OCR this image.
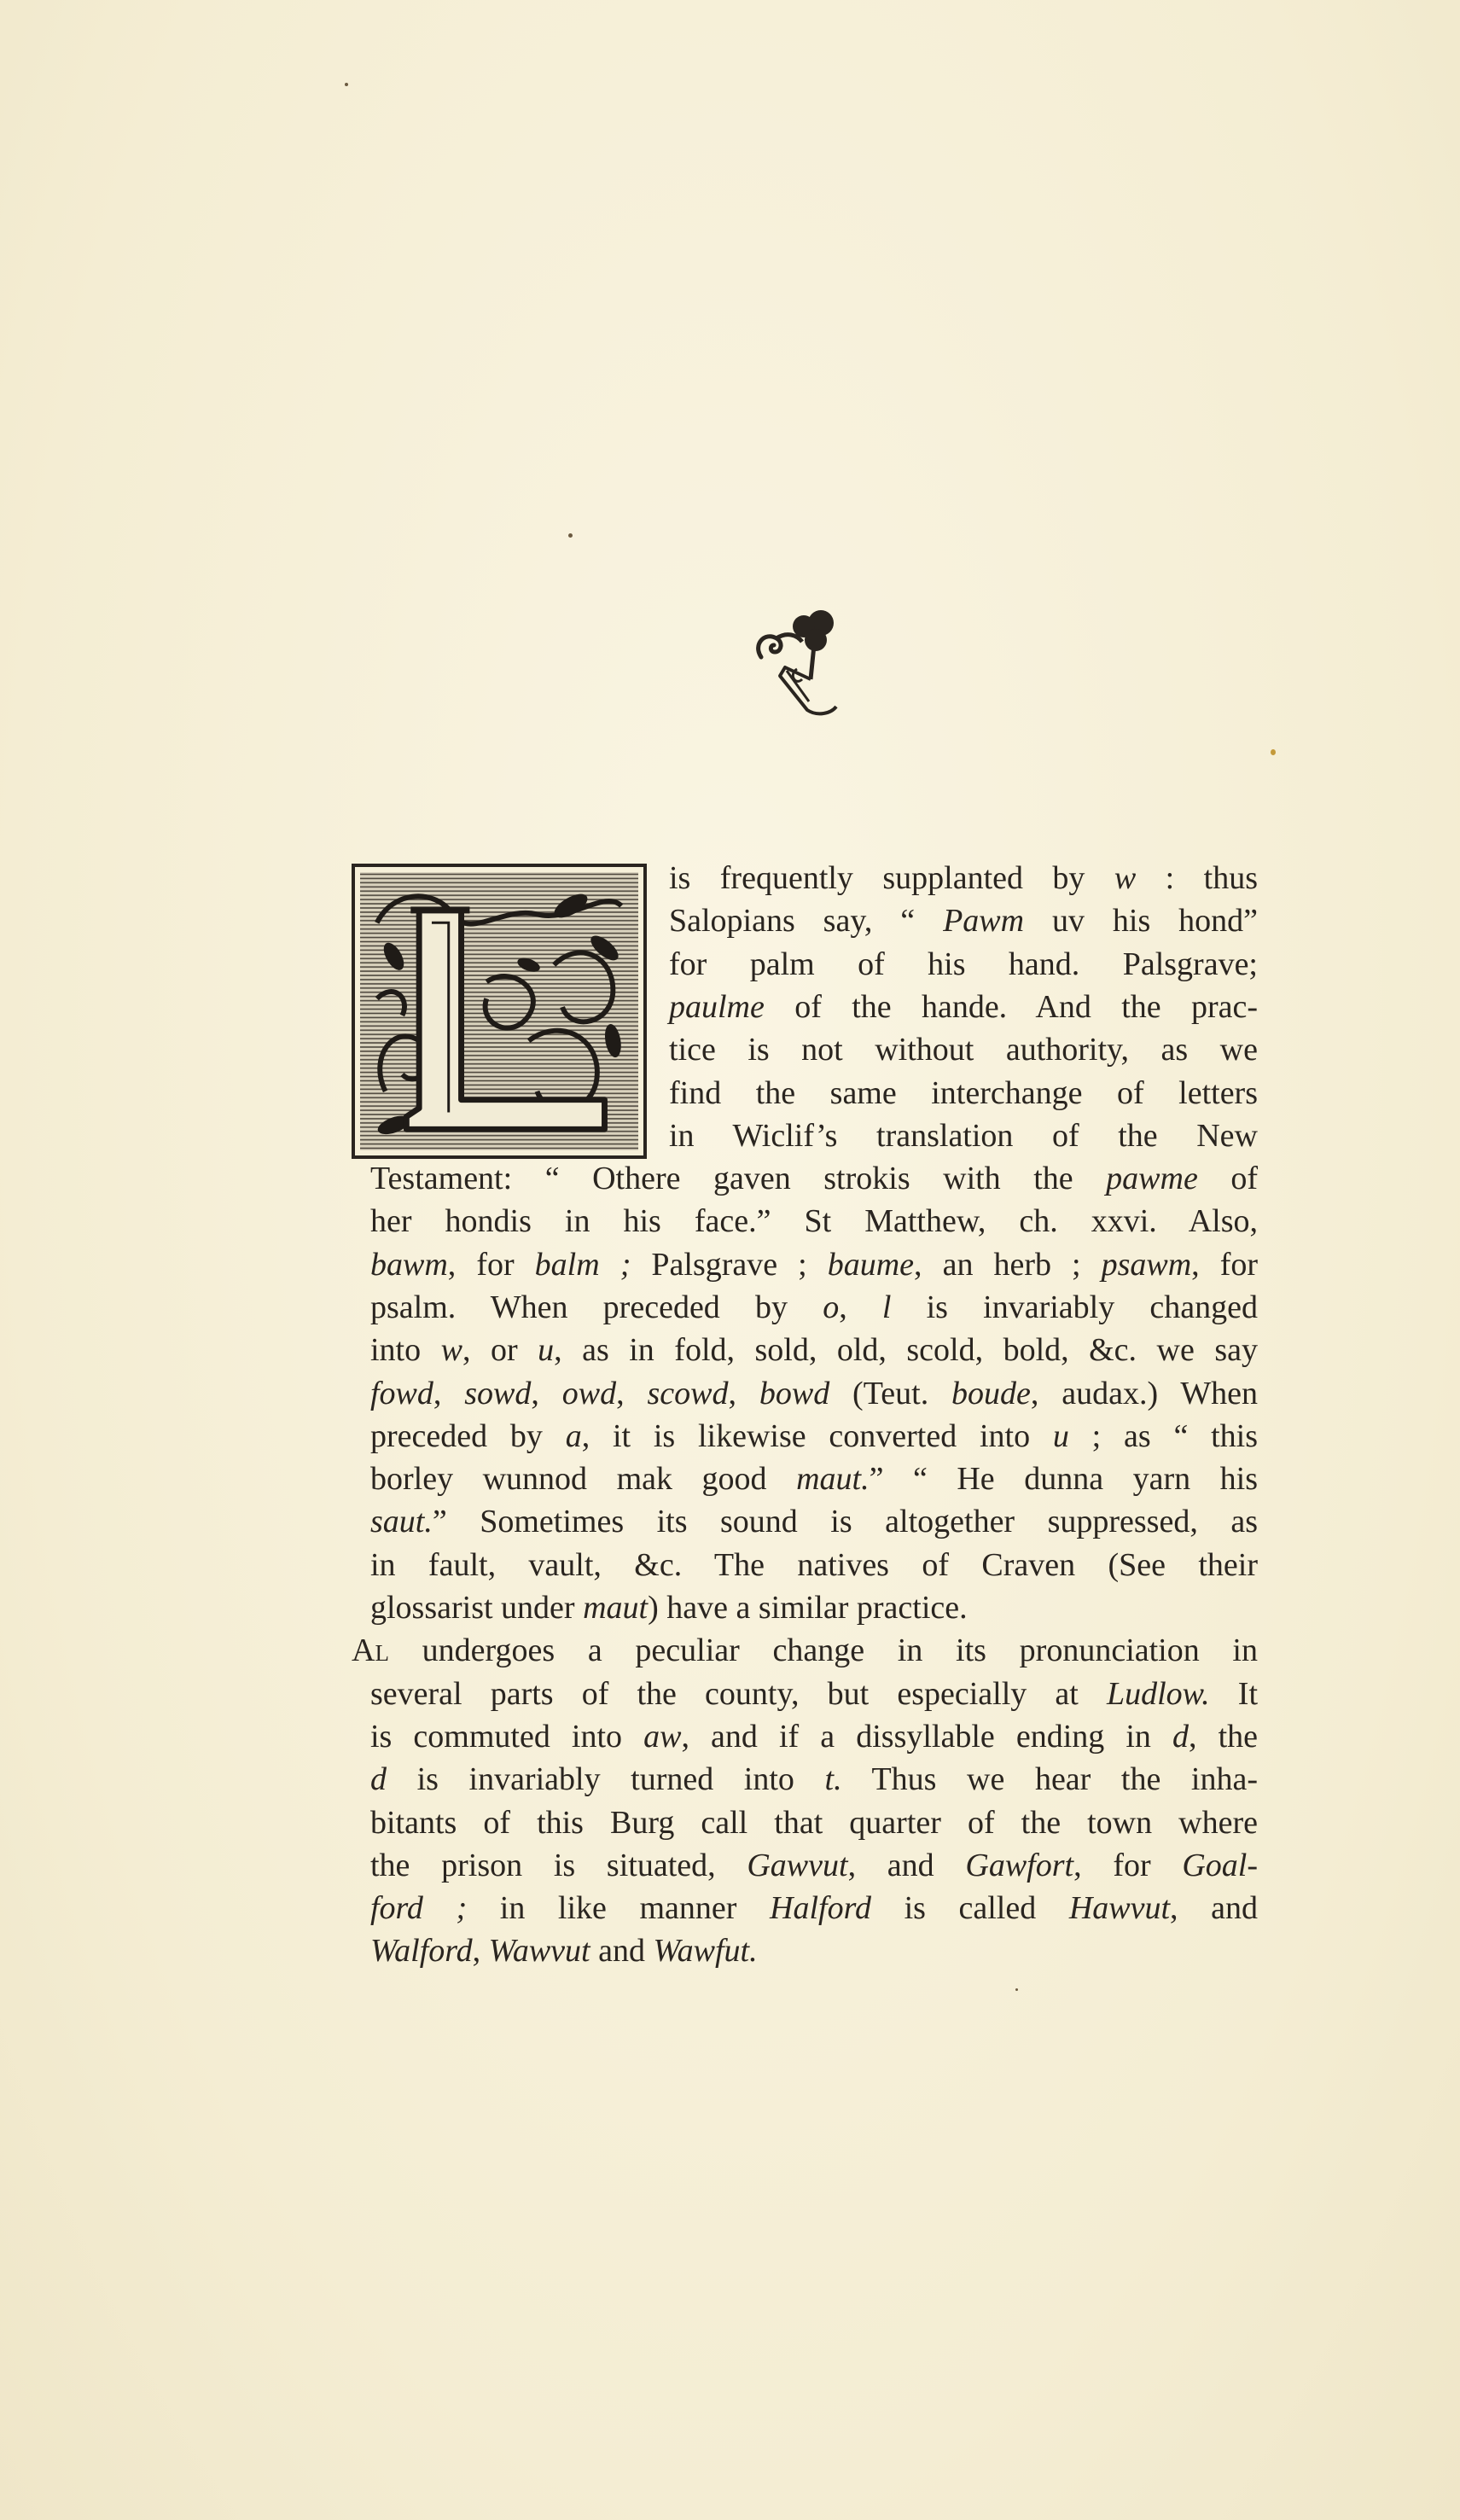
is frequently supplanted by w : thus
Salopians say, “ Pawm uv his hond”
for palm of his hand. Palsgrave;
paulme of the hande. And the prac-
tice is not without authority, as we
find the same interchange of letters
in Wiclif’s translation of the New
Testament: “ Othere gaven strokis with the pawme of
her hondis in his face.” St Matthew, ch. xxvi. Also,
bawm, for balm ; Palsgrave ; baume, an herb ; psawm, for
psalm. When preceded by o, l is invariably changed
into w, or u, as in fold, sold, old, scold, bold, &c. we say
fowd, sowd, owd, scowd, bowd (Teut. boude, audax.) When
preceded by a, it is likewise converted into u ; as “ this
borley wunnod mak good maut.” “ He dunna yarn his
saut.” Sometimes its sound is altogether suppressed, as
in fault, vault, &c. The natives of Craven (See their
glossarist under maut) have a similar practice.
Al undergoes a peculiar change in its pronunciation in
several parts of the county, but especially at Ludlow. It
is commuted into aw, and if a dissyllable ending in d, the
d is invariably turned into t. Thus we hear the inha-
bitants of this Burg call that quarter of the town where
the prison is situated, Gawvut, and Gawfort, for Goal-
ford ; in like manner Halford is called Hawvut, and
Walford, Wawvut and Wawfut.
